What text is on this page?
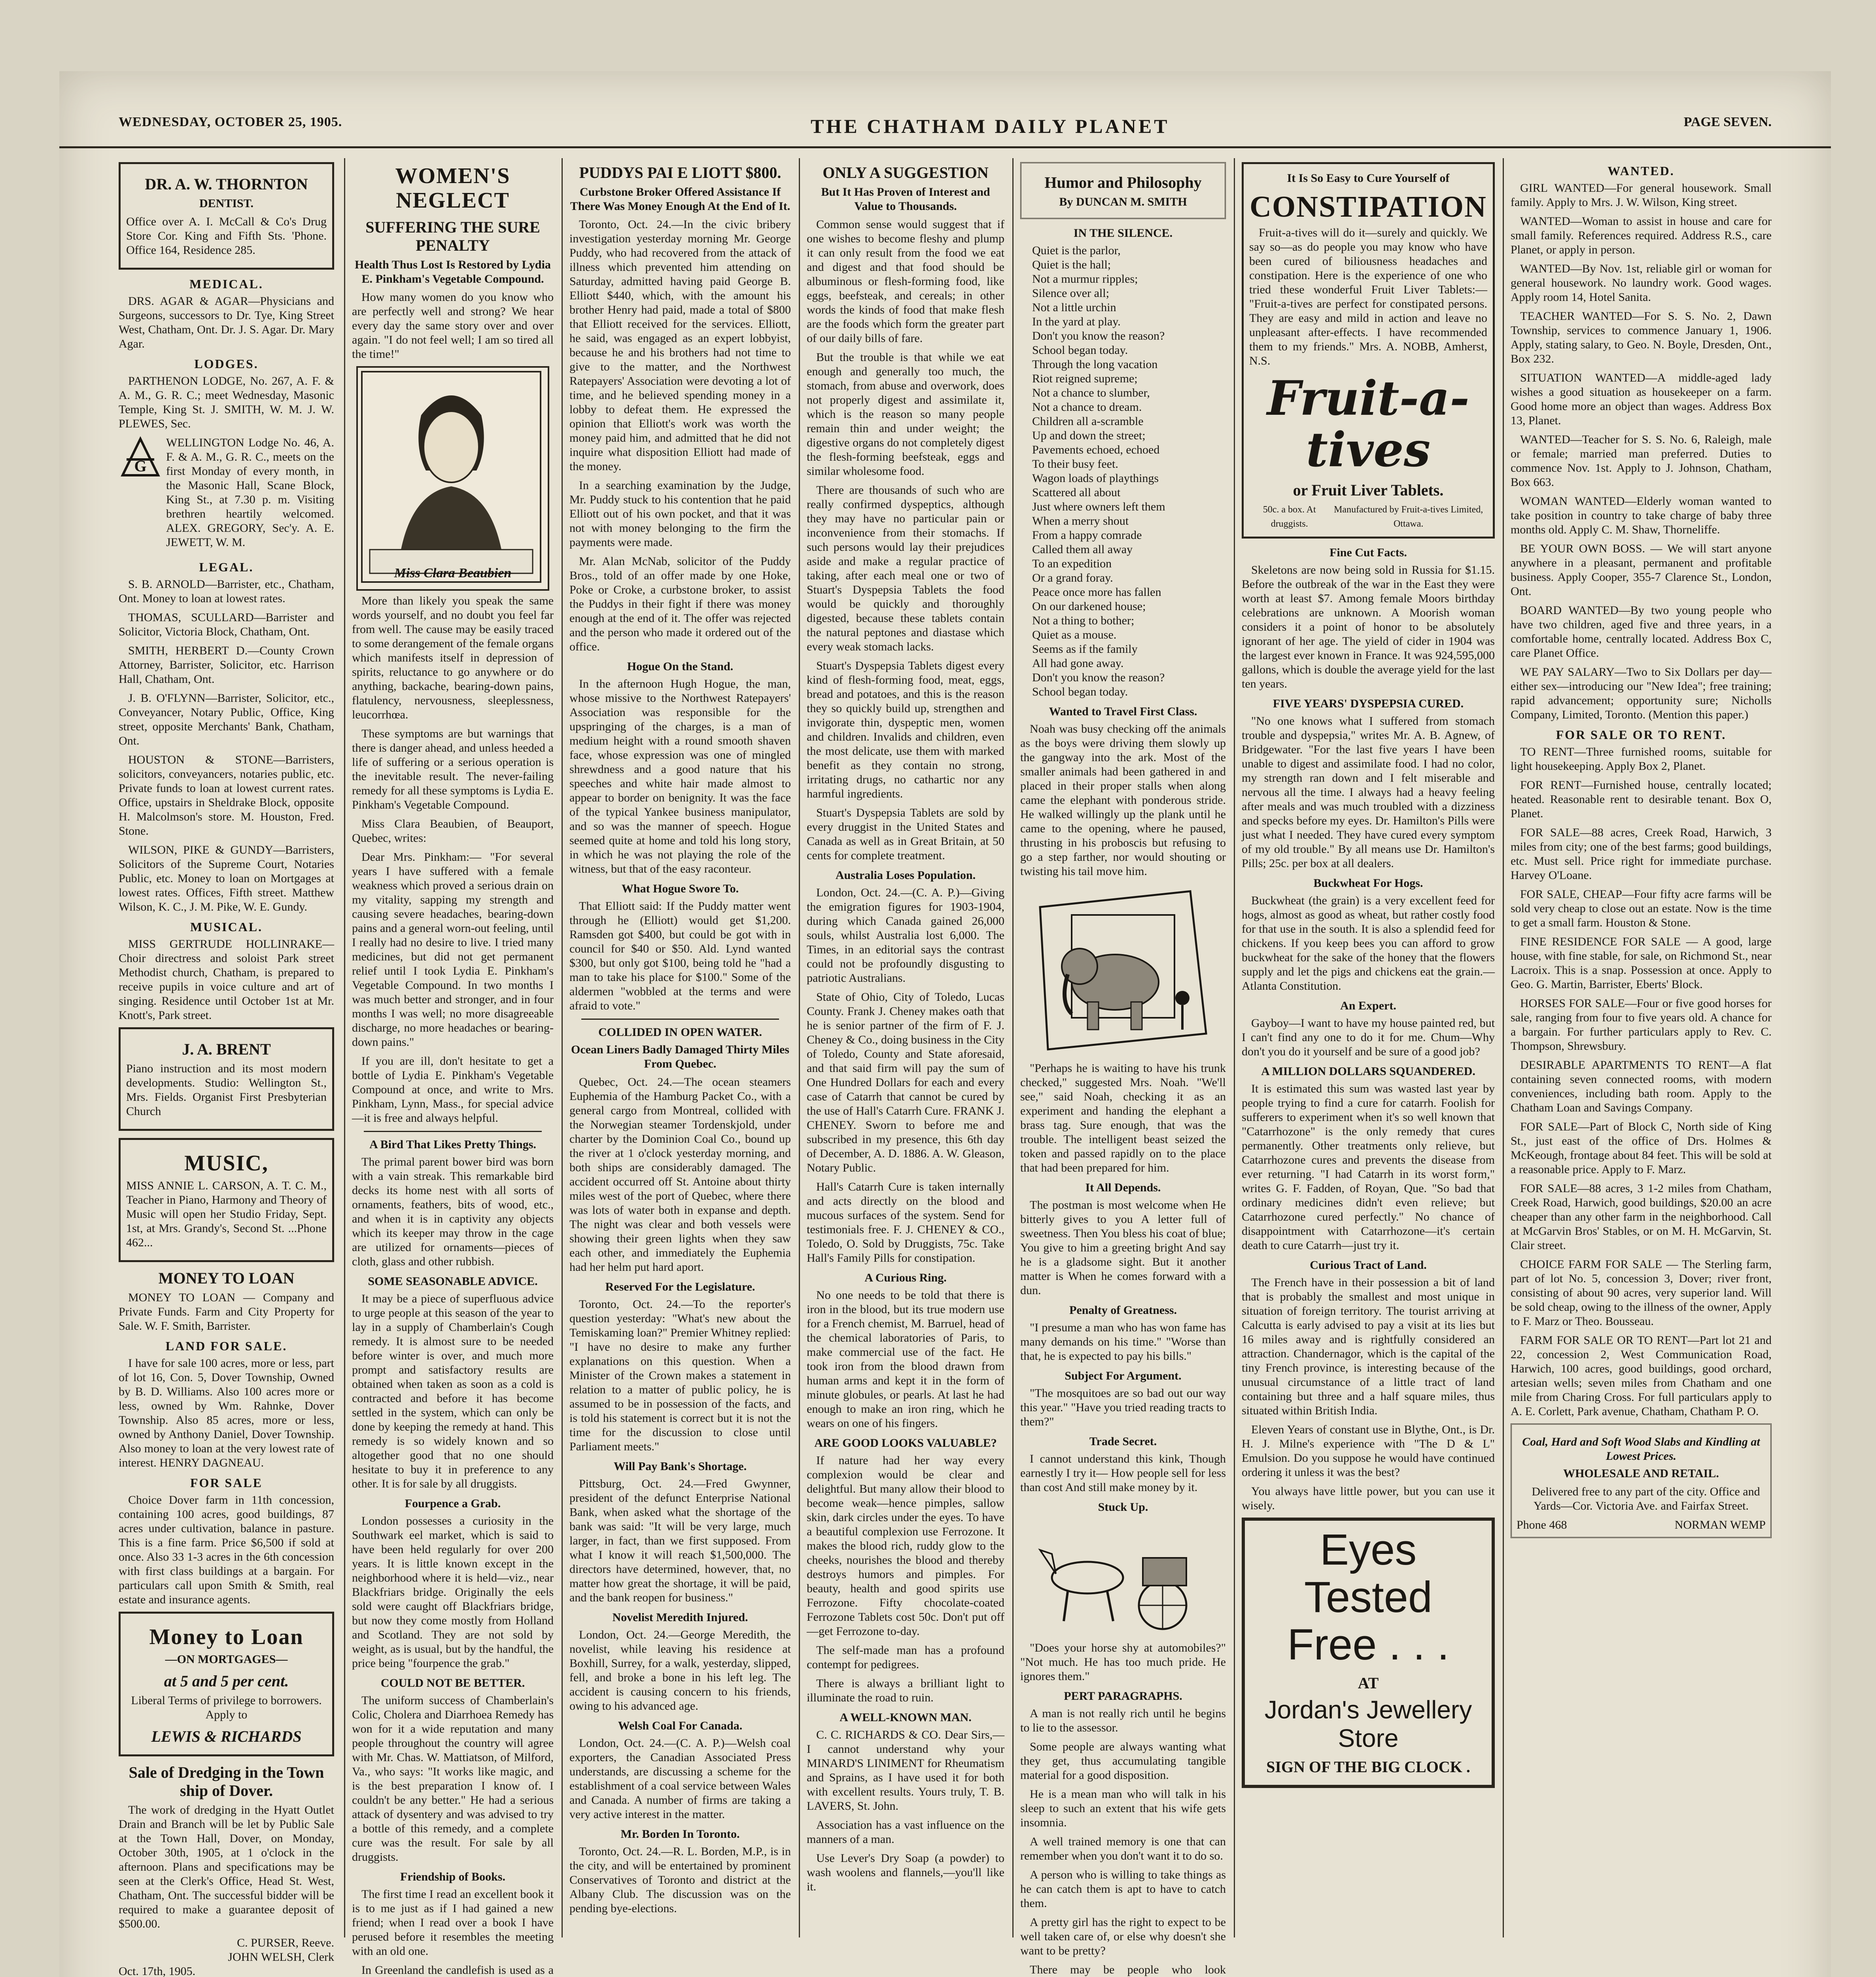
WEDNESDAY, OCTOBER 25, 1905.	THE CHATHAM DAILY PLANET	PAGE SEVEN.
DR. A. W. THORNTON
DENTIST.

Office over A. I. McCall & Co's Drug Store Cor. King and Fifth Sts. 'Phone. Office 164, Residence 285.

MEDICAL.

DRS. AGAR & AGAR—Physicians and Surgeons, successors to Dr. Tye, King Street West, Chatham, Ont. Dr. J. S. Agar. Dr. Mary Agar.

LODGES.

PARTHENON LODGE, No. 267, A. F. & A. M., G. R. C.; meet Wednesday, Masonic Temple, King St. J. SMITH, W. M. J. W. PLEWES, Sec.

G

WELLINGTON Lodge No. 46, A. F. & A. M., G. R. C., meets on the first Monday of every month, in the Masonic Hall, Scane Block, King St., at 7.30 p. m. Visiting brethren heartily welcomed. ALEX. GREGORY, Sec'y. A. E. JEWETT, W. M.

LEGAL.

S. B. ARNOLD—Barrister, etc., Chatham, Ont. Money to loan at lowest rates.

THOMAS, SCULLARD—Barrister and Solicitor, Victoria Block, Chatham, Ont.

SMITH, HERBERT D.—County Crown Attorney, Barrister, Solicitor, etc. Harrison Hall, Chatham, Ont.

J. B. O'FLYNN—Barrister, Solicitor, etc., Conveyancer, Notary Public, Office, King street, opposite Merchants' Bank, Chatham, Ont.

HOUSTON & STONE—Barristers, solicitors, conveyancers, notaries public, etc. Private funds to loan at lowest current rates. Office, upstairs in Sheldrake Block, opposite H. Malcolmson's store. M. Houston, Fred. Stone.

WILSON, PIKE & GUNDY—Barristers, Solicitors of the Supreme Court, Notaries Public, etc. Money to loan on Mortgages at lowest rates. Offices, Fifth street. Matthew Wilson, K. C., J. M. Pike, W. E. Gundy.

MUSICAL.

MISS GERTRUDE HOLLINRAKE—Choir directress and soloist Park street Methodist church, Chatham, is prepared to receive pupils in voice culture and art of singing. Residence until October 1st at Mr. Knott's, Park street.

J. A. BRENT

Piano instruction and its most modern developments. Studio: Wellington St., Mrs. Fields. Organist First Presbyterian Church

MUSIC,

MISS ANNIE L. CARSON, A. T. C. M., Teacher in Piano, Harmony and Theory of Music will open her Studio Friday, Sept. 1st, at Mrs. Grandy's, Second St. ...Phone 462...

MONEY TO LOAN

MONEY TO LOAN — Company and Private Funds. Farm and City Property for Sale. W. F. Smith, Barrister.

LAND FOR SALE.

I have for sale 100 acres, more or less, part of lot 16, Con. 5, Dover Township, Owned by B. D. Williams. Also 100 acres more or less, owned by Wm. Rahnke, Dover Township. Also 85 acres, more or less, owned by Anthony Daniel, Dover Township. Also money to loan at the very lowest rate of interest. HENRY DAGNEAU.

FOR SALE

Choice Dover farm in 11th concession, containing 100 acres, good buildings, 87 acres under cultivation, balance in pasture. This is a fine farm. Price $6,500 if sold at once. Also 33 1-3 acres in the 6th concession with first class buildings at a bargain. For particulars call upon Smith & Smith, real estate and insurance agents.

Money to Loan
—ON MORTGAGES—
at 5 and 5 per cent.
Liberal Terms of privilege to borrowers. Apply to
LEWIS & RICHARDS
Sale of Dredging in the Town ship of Dover.

The work of dredging in the Hyatt Outlet Drain and Branch will be let by Public Sale at the Town Hall, Dover, on Monday, October 30th, 1905, at 1 o'clock in the afternoon. Plans and specifications may be seen at the Clerk's Office, Head St. West, Chatham, Ont. The successful bidder will be required to make a guarantee deposit of $500.00.

C. PURSER, Reeve.
JOHN WELSH, Clerk
Oct. 17th, 1905.
WOMEN'S NEGLECT
SUFFERING THE SURE PENALTY
Health Thus Lost Is Restored by Lydia E. Pinkham's Vegetable Compound.

How many women do you know who are perfectly well and strong? We hear every day the same story over and over again. "I do not feel well; I am so tired all the time!"

Miss Clara Beaubien

More than likely you speak the same words yourself, and no doubt you feel far from well. The cause may be easily traced to some derangement of the female organs which manifests itself in depression of spirits, reluctance to go anywhere or do anything, backache, bearing-down pains, flatulency, nervousness, sleeplessness, leucorrhœa.

These symptoms are but warnings that there is danger ahead, and unless heeded a life of suffering or a serious operation is the inevitable result. The never-failing remedy for all these symptoms is Lydia E. Pinkham's Vegetable Compound.

Miss Clara Beaubien, of Beauport, Quebec, writes:

Dear Mrs. Pinkham:— "For several years I have suffered with a female weakness which proved a serious drain on my vitality, sapping my strength and causing severe headaches, bearing-down pains and a general worn-out feeling, until I really had no desire to live. I tried many medicines, but did not get permanent relief until I took Lydia E. Pinkham's Vegetable Compound. In two months I was much better and stronger, and in four months I was well; no more disagreeable discharge, no more headaches or bearing-down pains."

If you are ill, don't hesitate to get a bottle of Lydia E. Pinkham's Vegetable Compound at once, and write to Mrs. Pinkham, Lynn, Mass., for special advice—it is free and always helpful.

A Bird That Likes Pretty Things.

The primal parent bower bird was born with a vain streak. This remarkable bird decks its home nest with all sorts of ornaments, feathers, bits of wood, etc., and when it is in captivity any objects which its keeper may throw in the cage are utilized for ornaments—pieces of cloth, glass and other rubbish.

SOME SEASONABLE ADVICE.

It may be a piece of superfluous advice to urge people at this season of the year to lay in a supply of Chamberlain's Cough remedy. It is almost sure to be needed before winter is over, and much more prompt and satisfactory results are obtained when taken as soon as a cold is contracted and before it has become settled in the system, which can only be done by keeping the remedy at hand. This remedy is so widely known and so altogether good that no one should hesitate to buy it in preference to any other. It is for sale by all druggists.

Fourpence a Grab.

London possesses a curiosity in the Southwark eel market, which is said to have been held regularly for over 200 years. It is little known except in the neighborhood where it is held—viz., near Blackfriars bridge. Originally the eels sold were caught off Blackfriars bridge, but now they come mostly from Holland and Scotland. They are not sold by weight, as is usual, but by the handful, the price being "fourpence the grab."

COULD NOT BE BETTER.

The uniform success of Chamberlain's Colic, Cholera and Diarrhoea Remedy has won for it a wide reputation and many people throughout the country will agree with Mr. Chas. W. Mattiatson, of Milford, Va., who says: "It works like magic, and is the best preparation I know of. I couldn't be any better." He had a serious attack of dysentery and was advised to try a bottle of this remedy, and a complete cure was the result. For sale by all druggists.

Friendship of Books.

The first time I read an excellent book it is to me just as if I had gained a new friend; when I read over a book I have perused before it resembles the meeting with an old one.

In Greenland the candlefish is used as a

PUDDYS PAI E LIOTT $800.
Curbstone Broker Offered Assistance If There Was Money Enough At the End of It.

Toronto, Oct. 24.—In the civic bribery investigation yesterday morning Mr. George Puddy, who had recovered from the attack of illness which prevented him attending on Saturday, admitted having paid George B. Elliott $440, which, with the amount his brother Henry had paid, made a total of $800 that Elliott received for the services. Elliott, he said, was engaged as an expert lobbyist, because he and his brothers had not time to give to the matter, and the Northwest Ratepayers' Association were devoting a lot of time, and he believed spending money in a lobby to defeat them. He expressed the opinion that Elliott's work was worth the money paid him, and admitted that he did not inquire what disposition Elliott had made of the money.

In a searching examination by the Judge, Mr. Puddy stuck to his contention that he paid Elliott out of his own pocket, and that it was not with money belonging to the firm the payments were made.

Mr. Alan McNab, solicitor of the Puddy Bros., told of an offer made by one Hoke, Poke or Croke, a curbstone broker, to assist the Puddys in their fight if there was money enough at the end of it. The offer was rejected and the person who made it ordered out of the office.

Hogue On the Stand.

In the afternoon Hugh Hogue, the man, whose missive to the Northwest Ratepayers' Association was responsible for the upspringing of the charges, is a man of medium height with a round smooth shaven face, whose expression was one of mingled shrewdness and a good nature that his speeches and white hair made almost to appear to border on benignity. It was the face of the typical Yankee business manipulator, and so was the manner of speech. Hogue seemed quite at home and told his long story, in which he was not playing the role of the witness, but that of the easy raconteur.

What Hogue Swore To.

That Elliott said: If the Puddy matter went through he (Elliott) would get $1,200. Ramsden got $400, but could be got with in council for $40 or $50. Ald. Lynd wanted $300, but only got $100, being told he "had a man to take his place for $100." Some of the aldermen "wobbled at the terms and were afraid to vote."

COLLIDED IN OPEN WATER.
Ocean Liners Badly Damaged Thirty Miles From Quebec.

Quebec, Oct. 24.—The ocean steamers Euphemia of the Hamburg Packet Co., with a general cargo from Montreal, collided with the Norwegian steamer Tordenskjold, under charter by the Dominion Coal Co., bound up the river at 1 o'clock yesterday morning, and both ships are considerably damaged. The accident occurred off St. Antoine about thirty miles west of the port of Quebec, where there was lots of water both in expanse and depth. The night was clear and both vessels were showing their green lights when they saw each other, and immediately the Euphemia had her helm put hard aport.

Reserved For the Legislature.

Toronto, Oct. 24.—To the reporter's question yesterday: "What's new about the Temiskaming loan?" Premier Whitney replied: "I have no desire to make any further explanations on this question. When a Minister of the Crown makes a statement in relation to a matter of public policy, he is assumed to be in possession of the facts, and is told his statement is correct but it is not the time for the discussion to close until Parliament meets."

Will Pay Bank's Shortage.

Pittsburg, Oct. 24.—Fred Gwynner, president of the defunct Enterprise National Bank, when asked what the shortage of the bank was said: "It will be very large, much larger, in fact, than we first supposed. From what I know it will reach $1,500,000. The directors have determined, however, that, no matter how great the shortage, it will be paid, and the bank reopen for business."

Novelist Meredith Injured.

London, Oct. 24.—George Meredith, the novelist, while leaving his residence at Boxhill, Surrey, for a walk, yesterday, slipped, fell, and broke a bone in his left leg. The accident is causing concern to his friends, owing to his advanced age.

Welsh Coal For Canada.

London, Oct. 24.—(C. A. P.)—Welsh coal exporters, the Canadian Associated Press understands, are discussing a scheme for the establishment of a coal service between Wales and Canada. A number of firms are taking a very active interest in the matter.

Mr. Borden In Toronto.

Toronto, Oct. 24.—R. L. Borden, M.P., is in the city, and will be entertained by prominent Conservatives of Toronto and district at the Albany Club. The discussion was on the pending bye-elections.

ONLY A SUGGESTION
But It Has Proven of Interest and Value to Thousands.

Common sense would suggest that if one wishes to become fleshy and plump it can only result from the food we eat and digest and that food should be albuminous or flesh-forming food, like eggs, beefsteak, and cereals; in other words the kinds of food that make flesh are the foods which form the greater part of our daily bills of fare.

But the trouble is that while we eat enough and generally too much, the stomach, from abuse and overwork, does not properly digest and assimilate it, which is the reason so many people remain thin and under weight; the digestive organs do not completely digest the flesh-forming beefsteak, eggs and similar wholesome food.

There are thousands of such who are really confirmed dyspeptics, although they may have no particular pain or inconvenience from their stomachs. If such persons would lay their prejudices aside and make a regular practice of taking, after each meal one or two of Stuart's Dyspepsia Tablets the food would be quickly and thoroughly digested, because these tablets contain the natural peptones and diastase which every weak stomach lacks.

Stuart's Dyspepsia Tablets digest every kind of flesh-forming food, meat, eggs, bread and potatoes, and this is the reason they so quickly build up, strengthen and invigorate thin, dyspeptic men, women and children. Invalids and children, even the most delicate, use them with marked benefit as they contain no strong, irritating drugs, no cathartic nor any harmful ingredients.

Stuart's Dyspepsia Tablets are sold by every druggist in the United States and Canada as well as in Great Britain, at 50 cents for complete treatment.

Australia Loses Population.

London, Oct. 24.—(C. A. P.)—Giving the emigration figures for 1903-1904, during which Canada gained 26,000 souls, whilst Australia lost 6,000. The Times, in an editorial says the contrast could not be profoundly disgusting to patriotic Australians.

State of Ohio, City of Toledo, Lucas County. Frank J. Cheney makes oath that he is senior partner of the firm of F. J. Cheney & Co., doing business in the City of Toledo, County and State aforesaid, and that said firm will pay the sum of One Hundred Dollars for each and every case of Catarrh that cannot be cured by the use of Hall's Catarrh Cure. FRANK J. CHENEY. Sworn to before me and subscribed in my presence, this 6th day of December, A. D. 1886. A. W. Gleason, Notary Public.

Hall's Catarrh Cure is taken internally and acts directly on the blood and mucous surfaces of the system. Send for testimonials free. F. J. CHENEY & CO., Toledo, O. Sold by Druggists, 75c. Take Hall's Family Pills for constipation.

A Curious Ring.

No one needs to be told that there is iron in the blood, but its true modern use for a French chemist, M. Barruel, head of the chemical laboratories of Paris, to make commercial use of the fact. He took iron from the blood drawn from human arms and kept it in the form of minute globules, or pearls. At last he had enough to make an iron ring, which he wears on one of his fingers.

ARE GOOD LOOKS VALUABLE?

If nature had her way every complexion would be clear and delightful. But many allow their blood to become weak—hence pimples, sallow skin, dark circles under the eyes. To have a beautiful complexion use Ferrozone. It makes the blood rich, ruddy glow to the cheeks, nourishes the blood and thereby destroys humors and pimples. For beauty, health and good spirits use Ferrozone. Fifty chocolate-coated Ferrozone Tablets cost 50c. Don't put off—get Ferrozone to-day.

The self-made man has a profound contempt for pedigrees.

There is always a brilliant light to illuminate the road to ruin.

A WELL-KNOWN MAN.

C. C. RICHARDS & CO. Dear Sirs,—I cannot understand why your MINARD'S LINIMENT for Rheumatism and Sprains, as I have used it for both with excellent results. Yours truly, T. B. LAVERS, St. John.

Association has a vast influence on the manners of a man.

Use Lever's Dry Soap (a powder) to wash woolens and flannels,—you'll like it.

Humor and Philosophy
By DUNCAN M. SMITH
IN THE SILENCE.

Quiet is the parlor,

Quiet is the hall;

Not a murmur ripples;

Silence over all;

Not a little urchin

In the yard at play.

Don't you know the reason?

School began today.

Through the long vacation

Riot reigned supreme;

Not a chance to slumber,

Not a chance to dream.

Children all a-scramble

Up and down the street;

Pavements echoed, echoed

To their busy feet.

Wagon loads of playthings

Scattered all about

Just where owners left them

When a merry shout

From a happy comrade

Called them all away

To an expedition

Or a grand foray.

Peace once more has fallen

On our darkened house;

Not a thing to bother;

Quiet as a mouse.

Seems as if the family

All had gone away.

Don't you know the reason?

School began today.

Wanted to Travel First Class.

Noah was busy checking off the animals as the boys were driving them slowly up the gangway into the ark. Most of the smaller animals had been gathered in and placed in their proper stalls when along came the elephant with ponderous stride. He walked willingly up the plank until he came to the opening, where he paused, thrusting in his proboscis but refusing to go a step farther, nor would shouting or twisting his tail move him.

"Perhaps he is waiting to have his trunk checked," suggested Mrs. Noah. "We'll see," said Noah, checking it as an experiment and handing the elephant a brass tag. Sure enough, that was the trouble. The intelligent beast seized the token and passed rapidly on to the place that had been prepared for him.

It All Depends.

The postman is most welcome when He bitterly gives to you A letter full of sweetness. Then You bless his coat of blue; You give to him a greeting bright And say he is a gladsome sight. But it another matter is When he comes forward with a dun.

Penalty of Greatness.

"I presume a man who has won fame has many demands on his time." "Worse than that, he is expected to pay his bills."

Subject For Argument.

"The mosquitoes are so bad out our way this year." "Have you tried reading tracts to them?"

Trade Secret.

I cannot understand this kink, Though earnestly I try it— How people sell for less than cost And still make money by it.

Stuck Up.

"Does your horse shy at automobiles?" "Not much. He has too much pride. He ignores them."

PERT PARAGRAPHS.

A man is not really rich until he begins to lie to the assessor.

Some people are always wanting what they get, thus accumulating tangible material for a good disposition.

He is a mean man who will talk in his sleep to such an extent that his wife gets insomnia.

A well trained memory is one that can remember when you don't want it to do so.

A person who is willing to take things as he can catch them is apt to have to catch them.

A pretty girl has the right to expect to be well taken care of, or else why doesn't she want to be pretty?

There may be people who look

It Is So Easy to Cure Yourself of
CONSTIPATION

Fruit-a-tives will do it—surely and quickly. We say so—as do people you may know who have been cured of biliousness headaches and constipation. Here is the experience of one who tried these wonderful Fruit Liver Tablets:— "Fruit-a-tives are perfect for constipated persons. They are easy and mild in action and leave no unpleasant after-effects. I have recommended them to my friends." Mrs. A. NOBB, Amherst, N.S.

Fruit-a-tives
or Fruit Liver Tablets.
50c. a box. At druggists.
Manufactured by Fruit-a-tives Limited, Ottawa.
Fine Cut Facts.

Skeletons are now being sold in Russia for $1.15. Before the outbreak of the war in the East they were worth at least $7. Among female Moors birthday celebrations are unknown. A Moorish woman considers it a point of honor to be absolutely ignorant of her age. The yield of cider in 1904 was the largest ever known in France. It was 924,595,000 gallons, which is double the average yield for the last ten years.

FIVE YEARS' DYSPEPSIA CURED.

"No one knows what I suffered from stomach trouble and dyspepsia," writes Mr. A. B. Agnew, of Bridgewater. "For the last five years I have been unable to digest and assimilate food. I had no color, my strength ran down and I felt miserable and nervous all the time. I always had a heavy feeling after meals and was much troubled with a dizziness and specks before my eyes. Dr. Hamilton's Pills were just what I needed. They have cured every symptom of my old trouble." By all means use Dr. Hamilton's Pills; 25c. per box at all dealers.

Buckwheat For Hogs.

Buckwheat (the grain) is a very excellent feed for hogs, almost as good as wheat, but rather costly food for that use in the south. It is also a splendid feed for chickens. If you keep bees you can afford to grow buckwheat for the sake of the honey that the flowers supply and let the pigs and chickens eat the grain.—Atlanta Constitution.

An Expert.

Gayboy—I want to have my house painted red, but I can't find any one to do it for me. Chum—Why don't you do it yourself and be sure of a good job?

A MILLION DOLLARS SQUANDERED.

It is estimated this sum was wasted last year by people trying to find a cure for catarrh. Foolish for sufferers to experiment when it's so well known that "Catarrhozone" is the only remedy that cures permanently. Other treatments only relieve, but Catarrhozone cures and prevents the disease from ever returning. "I had Catarrh in its worst form," writes G. F. Fadden, of Royan, Que. "So bad that ordinary medicines didn't even relieve; but Catarrhozone cured perfectly." No chance of disappointment with Catarrhozone—it's certain death to cure Catarrh—just try it.

Curious Tract of Land.

The French have in their possession a bit of land that is probably the smallest and most unique in situation of foreign territory. The tourist arriving at Calcutta is early advised to pay a visit at its lies but 16 miles away and is rightfully considered an attraction. Chandernagor, which is the capital of the tiny French province, is interesting because of the unusual circumstance of a little tract of land containing but three and a half square miles, thus situated within British India.

Eleven Years of constant use in Blythe, Ont., is Dr. H. J. Milne's experience with "The D & L" Emulsion. Do you suppose he would have continued ordering it unless it was the best?

You always have little power, but you can use it wisely.

Eyes
Tested
Free . . .
AT
Jordan's Jewellery Store
SIGN OF THE BIG CLOCK .
WANTED.

GIRL WANTED—For general housework. Small family. Apply to Mrs. J. W. Wilson, King street.

WANTED—Woman to assist in house and care for small family. References required. Address R.S., care Planet, or apply in person.

WANTED—By Nov. 1st, reliable girl or woman for general housework. No laundry work. Good wages. Apply room 14, Hotel Sanita.

TEACHER WANTED—For S. S. No. 2, Dawn Township, services to commence January 1, 1906. Apply, stating salary, to Geo. N. Boyle, Dresden, Ont., Box 232.

SITUATION WANTED—A middle-aged lady wishes a good situation as housekeeper on a farm. Good home more an object than wages. Address Box 13, Planet.

WANTED—Teacher for S. S. No. 6, Raleigh, male or female; married man preferred. Duties to commence Nov. 1st. Apply to J. Johnson, Chatham, Box 663.

WOMAN WANTED—Elderly woman wanted to take position in country to take charge of baby three months old. Apply C. M. Shaw, Thorneliffe.

BE YOUR OWN BOSS. — We will start anyone anywhere in a pleasant, permanent and profitable business. Apply Cooper, 355-7 Clarence St., London, Ont.

BOARD WANTED—By two young people who have two children, aged five and three years, in a comfortable home, centrally located. Address Box C, care Planet Office.

WE PAY SALARY—Two to Six Dollars per day—either sex—introducing our "New Idea"; free training; rapid advancement; opportunity sure; Nicholls Company, Limited, Toronto. (Mention this paper.)

FOR SALE OR TO RENT.

TO RENT—Three furnished rooms, suitable for light housekeeping. Apply Box 2, Planet.

FOR RENT—Furnished house, centrally located; heated. Reasonable rent to desirable tenant. Box O, Planet.

FOR SALE—88 acres, Creek Road, Harwich, 3 miles from city; one of the best farms; good buildings, etc. Must sell. Price right for immediate purchase. Harvey O'Loane.

FOR SALE, CHEAP—Four fifty acre farms will be sold very cheap to close out an estate. Now is the time to get a small farm. Houston & Stone.

FINE RESIDENCE FOR SALE — A good, large house, with fine stable, for sale, on Richmond St., near Lacroix. This is a snap. Possession at once. Apply to Geo. G. Martin, Barrister, Eberts' Block.

HORSES FOR SALE—Four or five good horses for sale, ranging from four to five years old. A chance for a bargain. For further particulars apply to Rev. C. Thompson, Shrewsbury.

DESIRABLE APARTMENTS TO RENT—A flat containing seven connected rooms, with modern conveniences, including bath room. Apply to the Chatham Loan and Savings Company.

FOR SALE—Part of Block C, North side of King St., just east of the office of Drs. Holmes & McKeough, frontage about 84 feet. This will be sold at a reasonable price. Apply to F. Marz.

FOR SALE—88 acres, 3 1-2 miles from Chatham, Creek Road, Harwich, good buildings, $20.00 an acre cheaper than any other farm in the neighborhood. Call at McGarvin Bros' Stables, or on M. H. McGarvin, St. Clair street.

CHOICE FARM FOR SALE — The Sterling farm, part of lot No. 5, concession 3, Dover; river front, consisting of about 90 acres, very superior land. Will be sold cheap, owing to the illness of the owner, Apply to F. Marz or Theo. Bousseau.

FARM FOR SALE OR TO RENT—Part lot 21 and 22, concession 2, West Communication Road, Harwich, 100 acres, good buildings, good orchard, artesian wells; seven miles from Chatham and one mile from Charing Cross. For full particulars apply to A. E. Corlett, Park avenue, Chatham, Chatham P. O.

Coal, Hard and Soft Wood Slabs and Kindling at Lowest Prices.
WHOLESALE AND RETAIL.

Delivered free to any part of the city. Office and Yards—Cor. Victoria Ave. and Fairfax Street.

Phone 468	NORMAN WEMP
